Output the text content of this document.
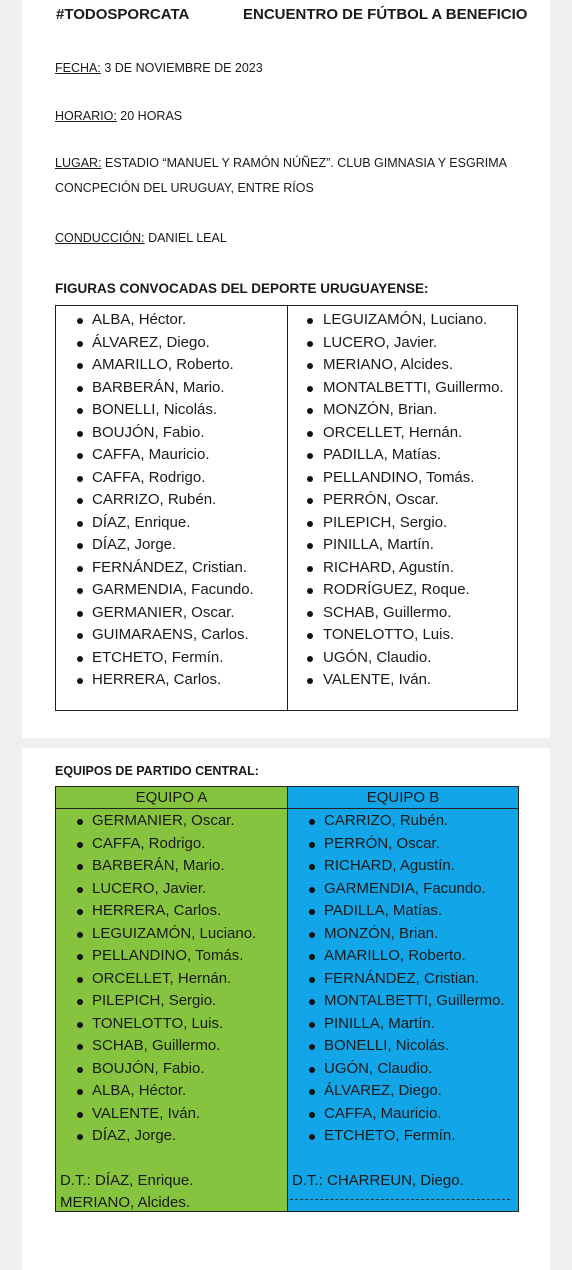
#TODOSPORCATA	ENCUENTRO DE FÚTBOL A BENEFICIO
FECHA: 3 DE NOVIEMBRE DE 2023
HORARIO: 20 HORAS
LUGAR: ESTADIO “MANUEL Y RAMÓN NÚÑEZ”. CLUB GIMNASIA Y ESGRIMA
CONCPECIÓN DEL URUGUAY, ENTRE RÍOS
CONDUCCIÓN: DANIEL LEAL
FIGURAS CONVOCADAS DEL DEPORTE URUGUAYENSE:
ALBA, Héctor.
ÁLVAREZ, Diego.
AMARILLO, Roberto.
BARBERÁN, Mario.
BONELLI, Nicolás.
BOUJÓN, Fabio.
CAFFA, Mauricio.
CAFFA, Rodrigo.
CARRIZO, Rubén.
DÍAZ, Enrique.
DÍAZ, Jorge.
FERNÁNDEZ, Cristian.
GARMENDIA, Facundo.
GERMANIER, Oscar.
GUIMARAENS, Carlos.
ETCHETO, Fermín.
HERRERA, Carlos.
LEGUIZAMÓN, Luciano.
LUCERO, Javier.
MERIANO, Alcides.
MONTALBETTI, Guillermo.
MONZÓN, Brian.
ORCELLET, Hernán.
PADILLA, Matías.
PELLANDINO, Tomás.
PERRÓN, Oscar.
PILEPICH, Sergio.
PINILLA, Martín.
RICHARD, Agustín.
RODRÍGUEZ, Roque.
SCHAB, Guillermo.
TONELOTTO, Luis.
UGÓN, Claudio.
VALENTE, Iván.
EQUIPOS DE PARTIDO CENTRAL:
EQUIPO A
GERMANIER, Oscar.
CAFFA, Rodrigo.
BARBERÁN, Mario.
LUCERO, Javier.
HERRERA, Carlos.
LEGUIZAMÓN, Luciano.
PELLANDINO, Tomás.
ORCELLET, Hernán.
PILEPICH, Sergio.
TONELOTTO, Luis.
SCHAB, Guillermo.
BOUJÓN, Fabio.
ALBA, Héctor.
VALENTE, Iván.
DÍAZ, Jorge.
D.T.: DÍAZ, Enrique.
MERIANO, Alcides.
EQUIPO B
CARRIZO, Rubén.
PERRÓN, Oscar.
RICHARD, Agustín.
GARMENDIA, Facundo.
PADILLA, Matías.
MONZÓN, Brian.
AMARILLO, Roberto.
FERNÁNDEZ, Cristian.
MONTALBETTI, Guillermo.
PINILLA, Martín.
BONELLI, Nicolás.
UGÓN, Claudio.
ÁLVAREZ, Diego.
CAFFA, Mauricio.
ETCHETO, Fermín.
D.T.: CHARREUN, Diego.
